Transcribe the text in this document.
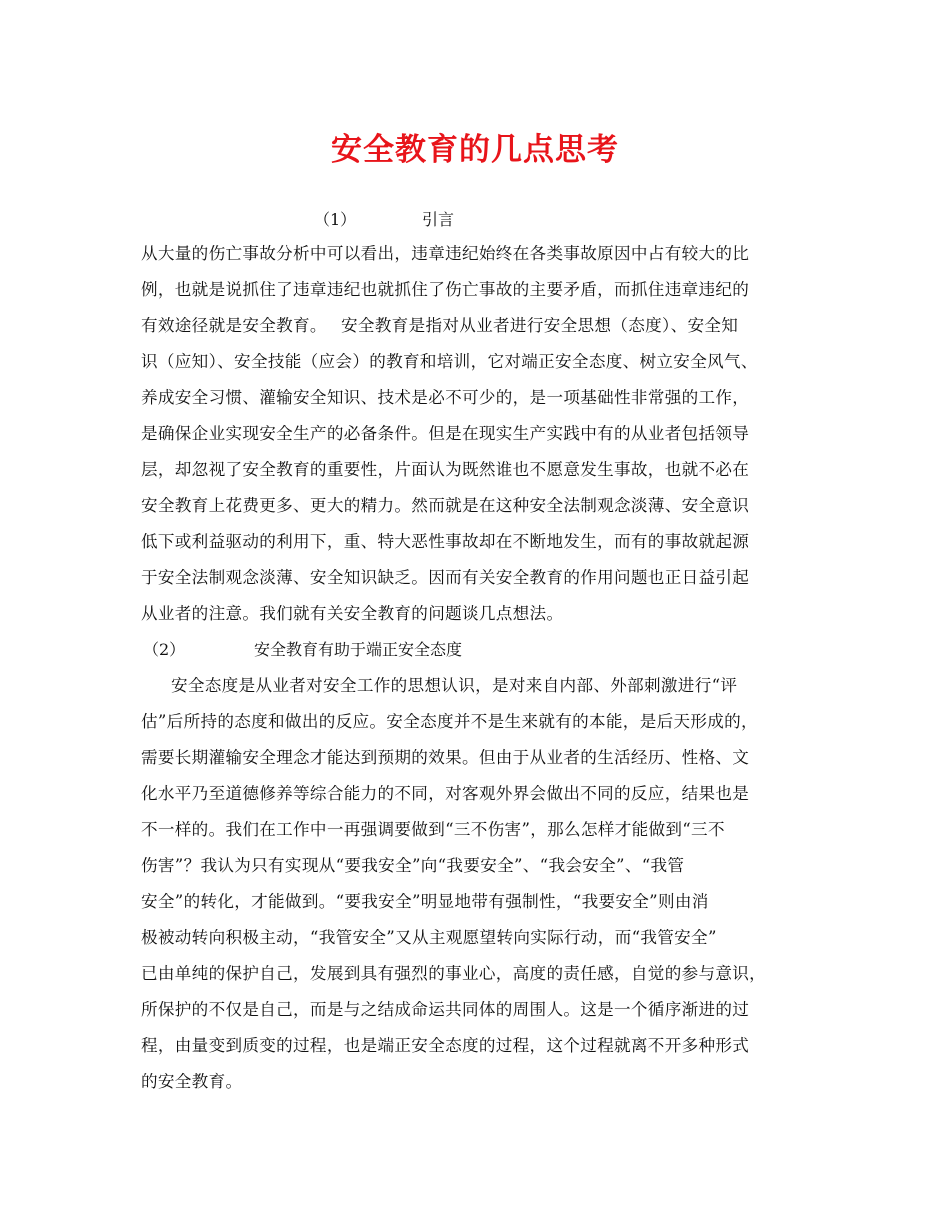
安全教育的几点思考
（1）	引言
从大量的伤亡事故分析中可以看出，违章违纪始终在各类事故原因中占有较大的比
例，也就是说抓住了违章违纪也就抓住了伤亡事故的主要矛盾，而抓住违章违纪的
有效途径就是安全教育。　 安全教育是指对从业者进行安全思想（态度）、安全知
识（应知）、安全技能（应会）的教育和培训，它对端正安全态度、树立安全风气、
养成安全习惯、灌输安全知识、技术是必不可少的，是一项基础性非常强的工作，
是确保企业实现安全生产的必备条件。但是在现实生产实践中有的从业者包括领导
层，却忽视了安全教育的重要性，片面认为既然谁也不愿意发生事故，也就不必在
安全教育上花费更多、更大的精力。然而就是在这种安全法制观念淡薄、安全意识
低下或利益驱动的利用下，重、特大恶性事故却在不断地发生，而有的事故就起源
于安全法制观念淡薄、安全知识缺乏。因而有关安全教育的作用问题也正日益引起
从业者的注意。我们就有关安全教育的问题谈几点想法。
（2）	安全教育有助于端正安全态度
安全态度是从业者对安全工作的思想认识，是对来自内部、外部刺激进行“评
估”后所持的态度和做出的反应。安全态度并不是生来就有的本能，是后天形成的，
需要长期灌输安全理念才能达到预期的效果。但由于从业者的生活经历、性格、文
化水平乃至道德修养等综合能力的不同，对客观外界会做出不同的反应，结果也是
不一样的。我们在工作中一再强调要做到“三不伤害”，那么怎样才能做到“三不
伤害”？我认为只有实现从“要我安全”向“我要安全”、“我会安全”、“我管
安全”的转化，才能做到。“要我安全”明显地带有强制性，“我要安全”则由消
极被动转向积极主动，“我管安全”又从主观愿望转向实际行动，而“我管安全”
已由单纯的保护自己，发展到具有强烈的事业心，高度的责任感，自觉的参与意识，
所保护的不仅是自己，而是与之结成命运共同体的周围人。这是一个循序渐进的过
程，由量变到质变的过程，也是端正安全态度的过程，这个过程就离不开多种形式
的安全教育。
